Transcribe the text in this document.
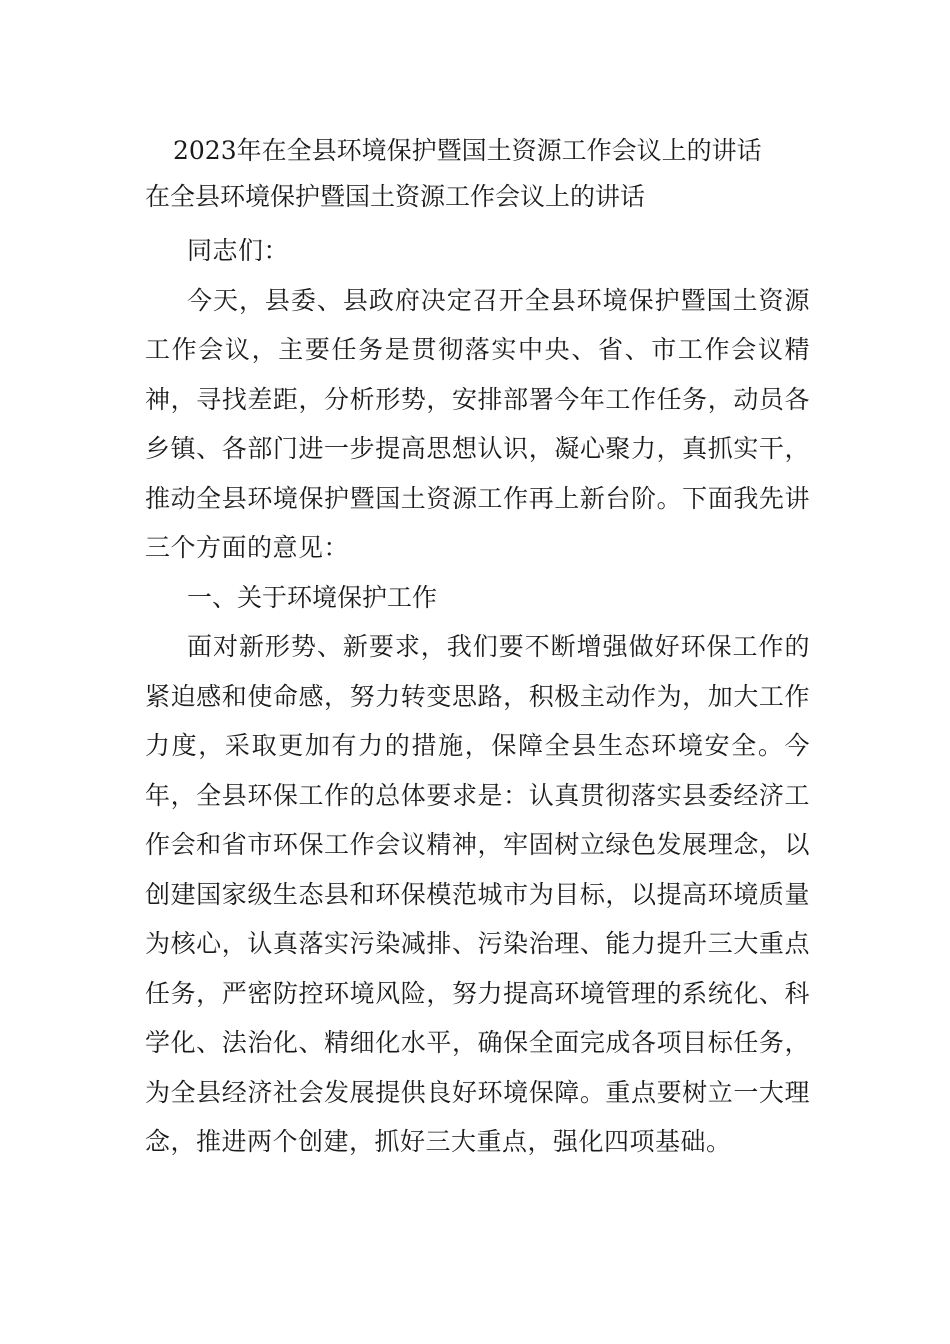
2023年在全县环境保护暨国土资源工作会议上的讲话
在全县环境保护暨国土资源工作会议上的讲话

同志们：

今天，县委、县政府决定召开全县环境保护暨国土资源工作会议，主要任务是贯彻落实中央、省、市工作会议精神，寻找差距，分析形势，安排部署今年工作任务，动员各乡镇、各部门进一步提高思想认识，凝心聚力，真抓实干，推动全县环境保护暨国土资源工作再上新台阶。下面我先讲三个方面的意见：

一、关于环境保护工作

面对新形势、新要求，我们要不断增强做好环保工作的紧迫感和使命感，努力转变思路，积极主动作为，加大工作力度，采取更加有力的措施，保障全县生态环境安全。今年，全县环保工作的总体要求是：认真贯彻落实县委经济工作会和省市环保工作会议精神，牢固树立绿色发展理念，以创建国家级生态县和环保模范城市为目标，以提高环境质量为核心，认真落实污染减排、污染治理、能力提升三大重点任务，严密防控环境风险，努力提高环境管理的系统化、科学化、法治化、精细化水平，确保全面完成各项目标任务，为全县经济社会发展提供良好环境保障。重点要树立一大理念，推进两个创建，抓好三大重点，强化四项基础。
